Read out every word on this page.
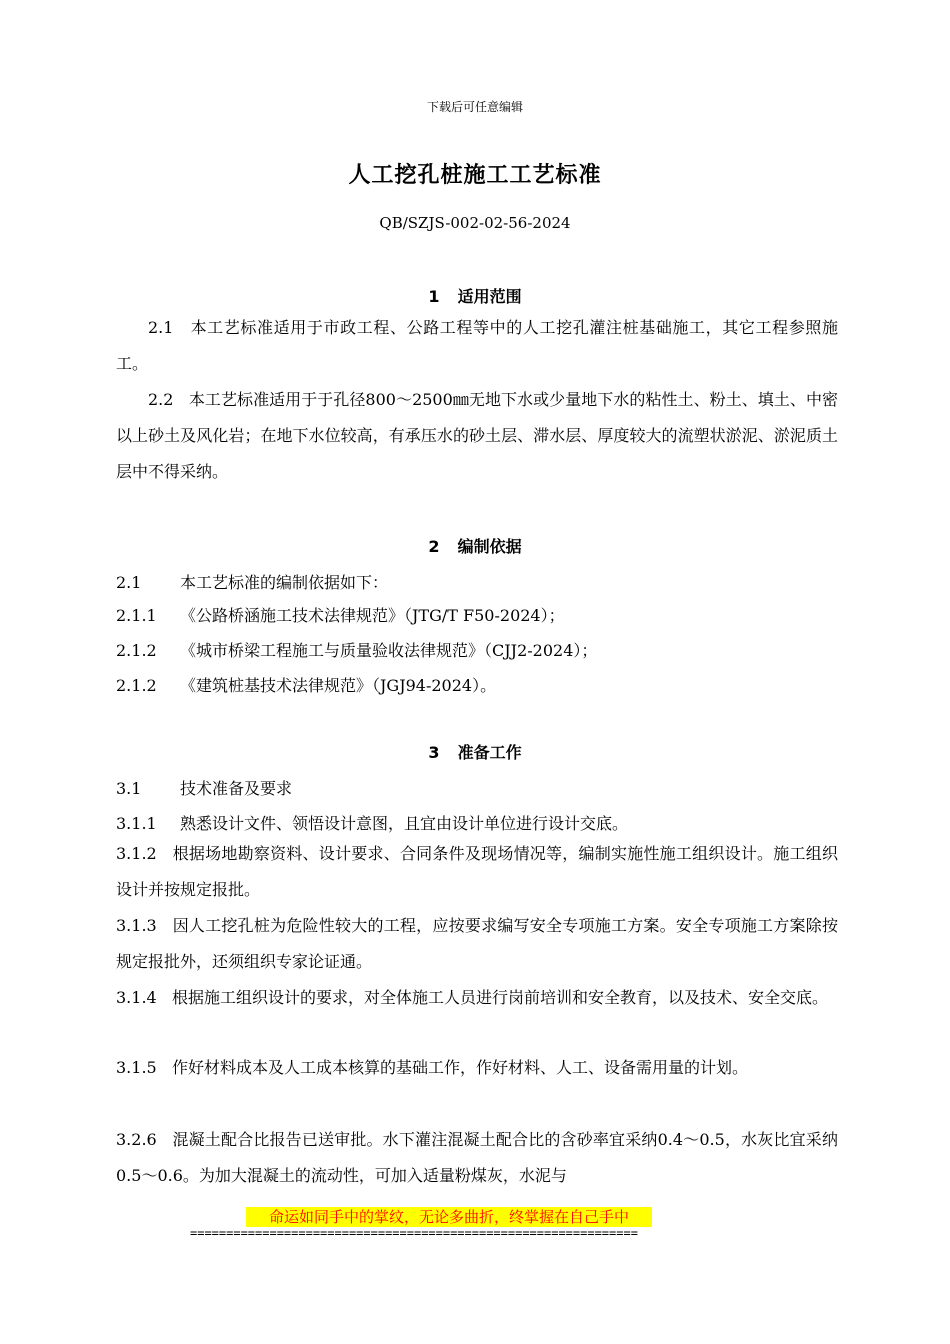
下载后可任意编辑
人工挖孔桩施工工艺标准
QB/SZJS-002-02-56-2024
1 适用范围
2.1 本工艺标准适用于市政工程、公路工程等中的人工挖孔灌注桩基础施工，其它工程参照施工。
2.2 本工艺标准适用于于孔径800～2500㎜无地下水或少量地下水的粘性土、粉土、填土、中密以上砂土及风化岩；在地下水位较高，有承压水的砂土层、滞水层、厚度较大的流塑状淤泥、淤泥质土层中不得采纳。
2 编制依据
2.1 本工艺标准的编制依据如下：
2.1.1 《公路桥涵施工技术法律规范》（JTG/T F50-2024）；
2.1.2 《城市桥梁工程施工与质量验收法律规范》（CJJ2-2024）；
2.1.2 《建筑桩基技术法律规范》（JGJ94-2024）。
3 准备工作
3.1 技术准备及要求
3.1.1 熟悉设计文件、领悟设计意图，且宜由设计单位进行设计交底。
3.1.2 根据场地勘察资料、设计要求、合同条件及现场情况等，编制实施性施工组织设计。施工组织设计并按规定报批。
3.1.3 因人工挖孔桩为危险性较大的工程，应按要求编写安全专项施工方案。安全专项施工方案除按规定报批外，还须组织专家论证通。
3.1.4 根据施工组织设计的要求，对全体施工人员进行岗前培训和安全教育，以及技术、安全交底。
3.1.5 作好材料成本及人工成本核算的基础工作，作好材料、人工、设备需用量的计划。
3.2.6 混凝土配合比报告已送审批。水下灌注混凝土配合比的含砂率宜采纳0.4～0.5，水灰比宜采纳0.5～0.6。为加大混凝土的流动性，可加入适量粉煤灰，水泥与
命运如同手中的掌纹，无论多曲折，终掌握在自己手中
==============================================================
